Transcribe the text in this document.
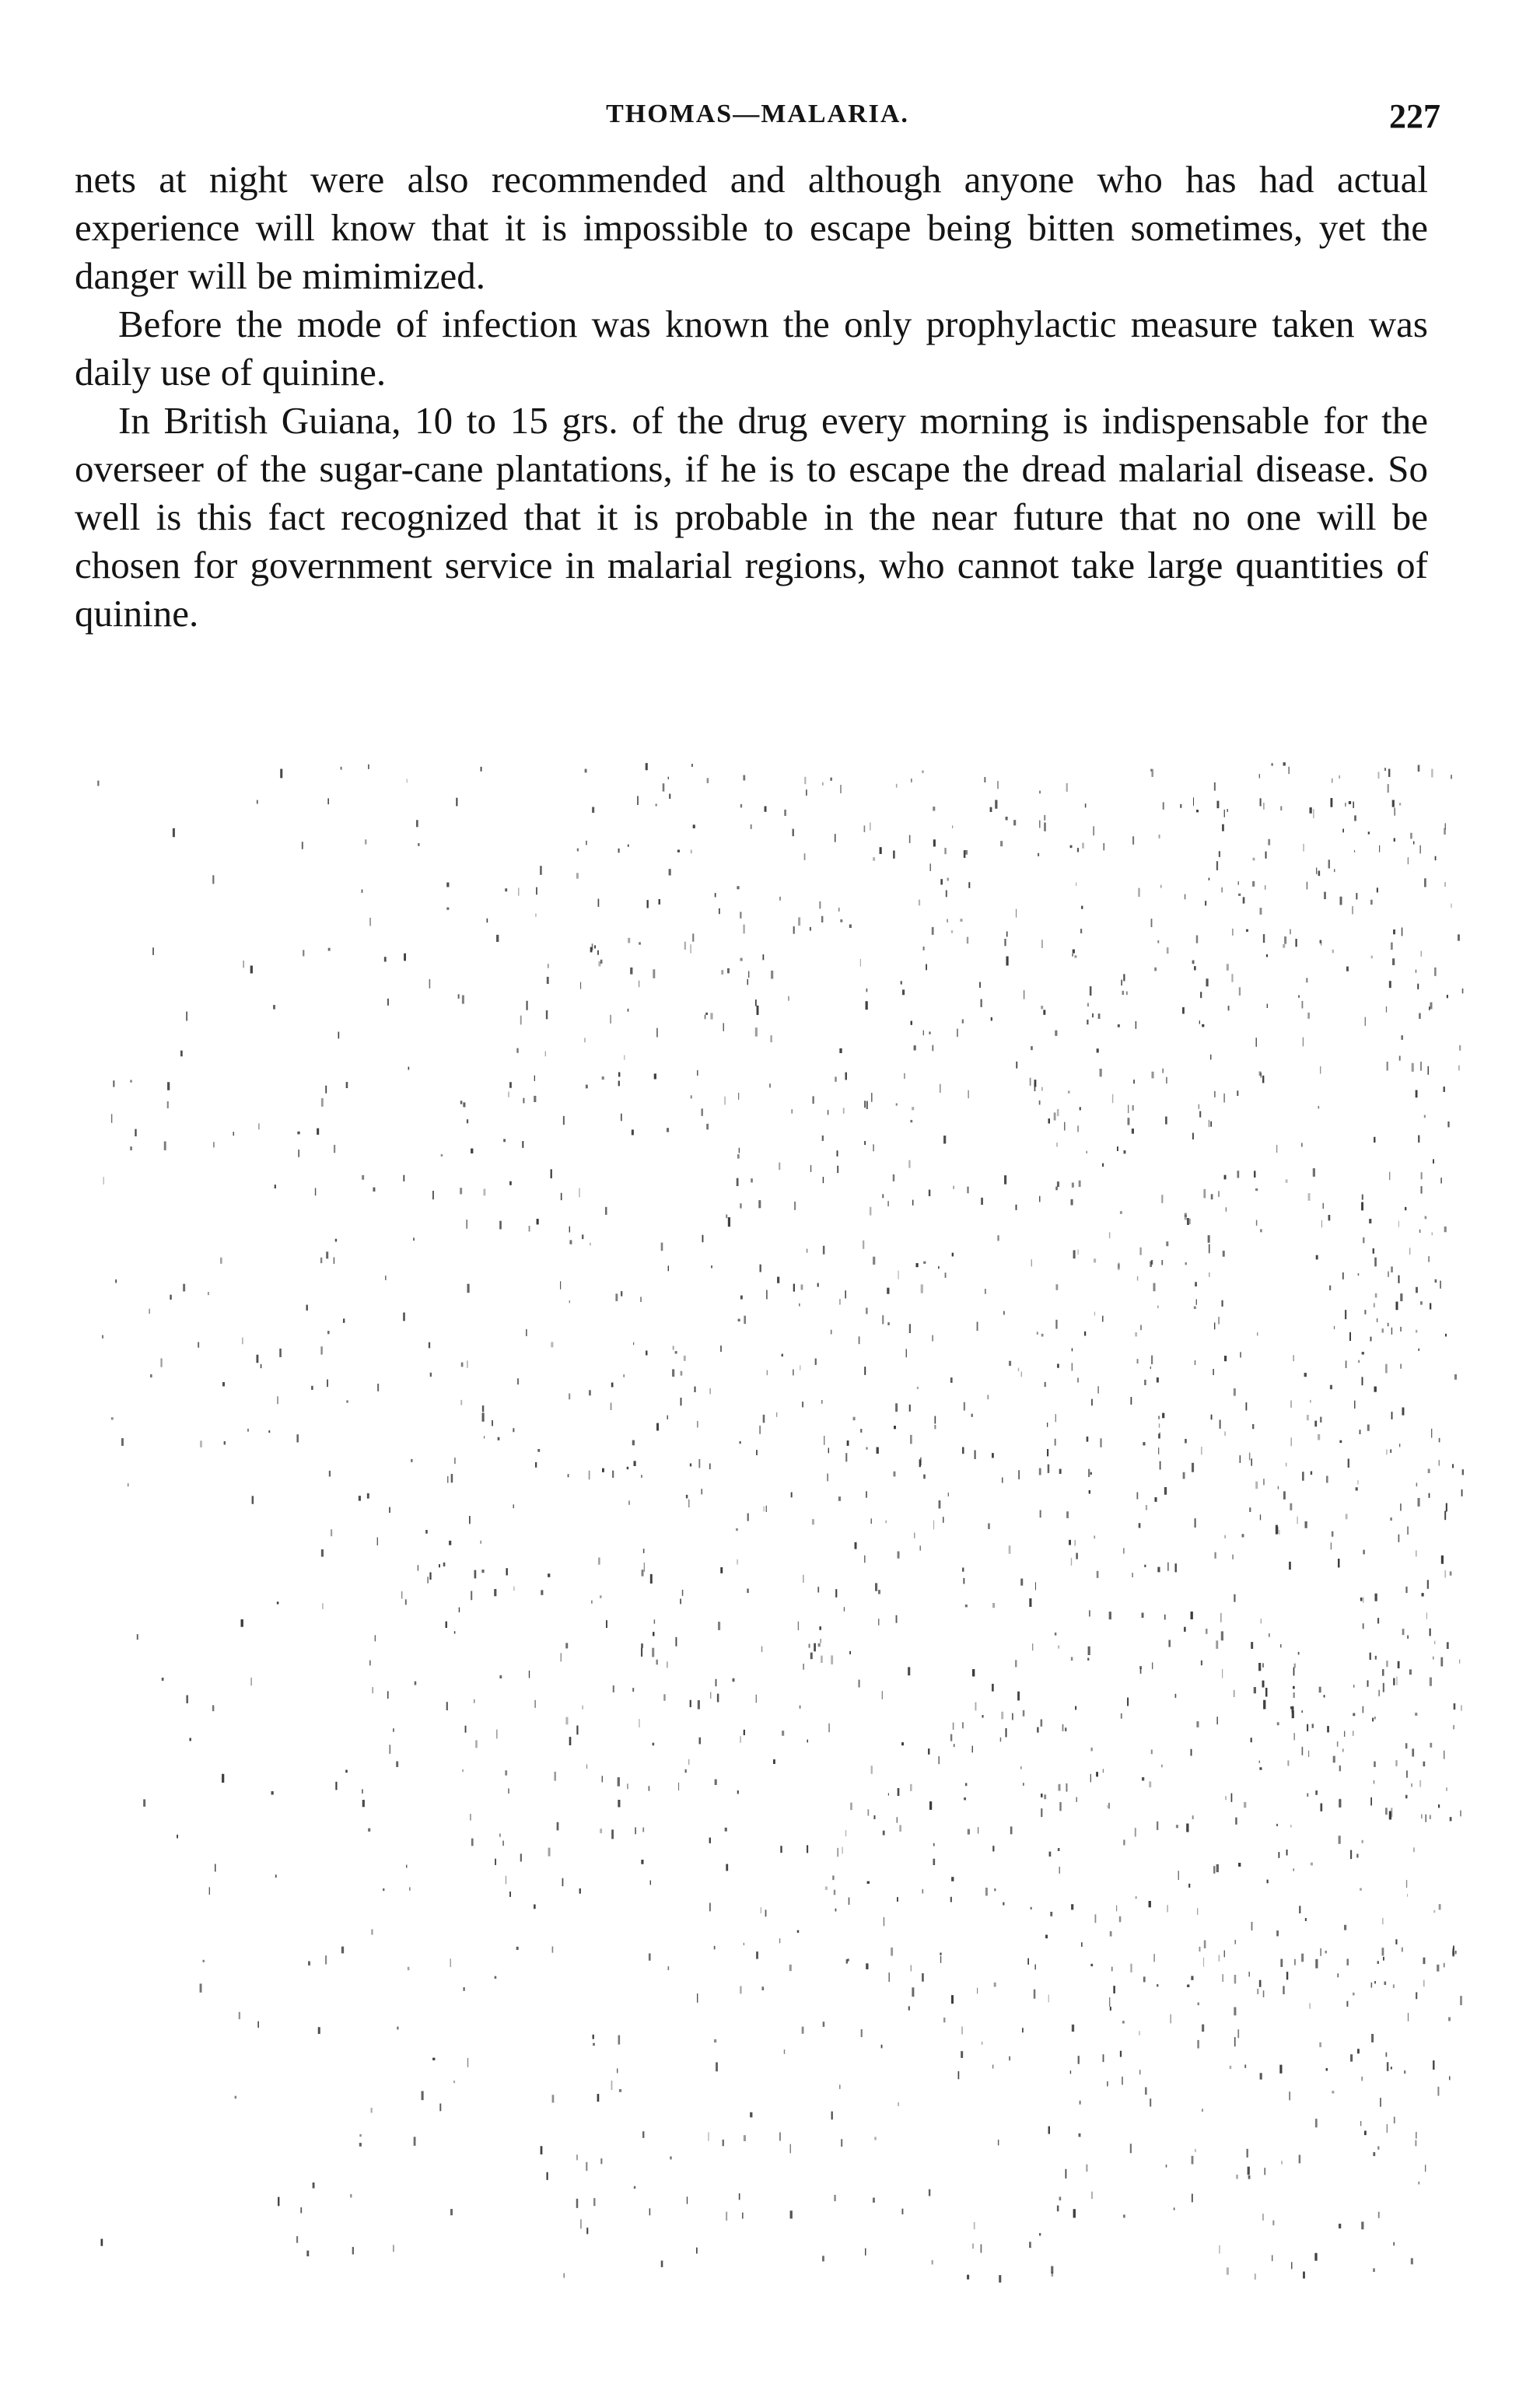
THOMAS—MALARIA.	227

nets at night were also recommended and although anyone who has had actual experience will know that it is impossible to escape being bitten sometimes, yet the danger will be mimimized.

Before the mode of infection was known the only prophylactic measure taken was daily use of quinine.

In British Guiana, 10 to 15 grs. of the drug every morning is indispensable for the overseer of the sugar-cane plantations, if he is to escape the dread malarial disease. So well is this fact recognized that it is probable in the near future that no one will be chosen for government service in malarial regions, who cannot take large quantities of quinine.
